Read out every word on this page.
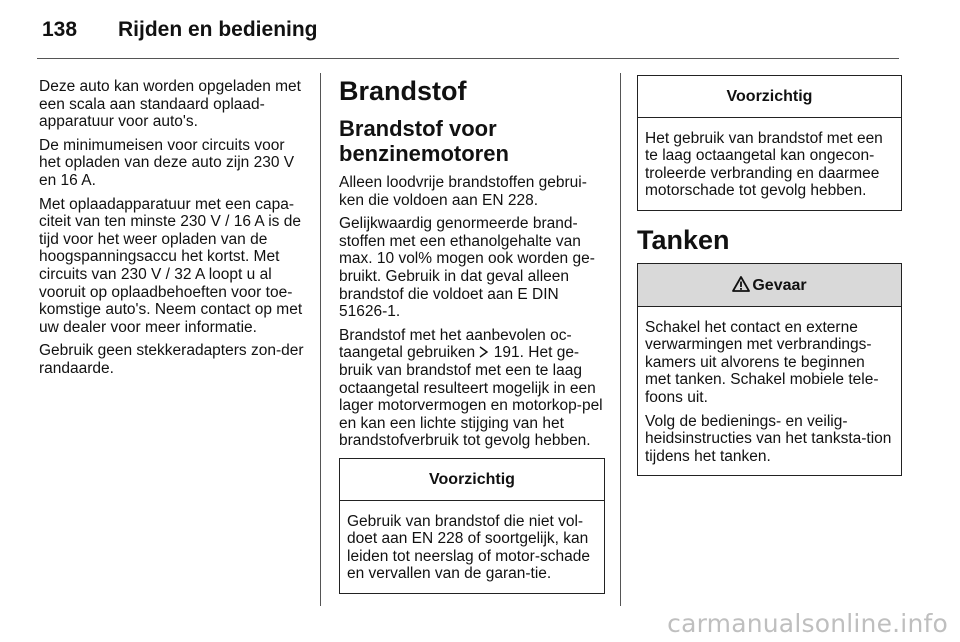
138 Rijden en bediening

Deze auto kan worden opgeladen met een scala aan standaard oplaad-apparatuur voor auto's.

De minimumeisen voor circuits voor het opladen van deze auto zijn 230 V en 16 A.

Met oplaadapparatuur met een capa-citeit van ten minste 230 V / 16 A is de tijd voor het weer opladen van de hoogspanningsaccu het kortst. Met circuits van 230 V / 32 A loopt u al vooruit op oplaadbehoeften voor toe-komstige auto's. Neem contact op met uw dealer voor meer informatie.

Gebruik geen stekkeradapters zon-der randaarde.

Brandstof
Brandstof voor benzinemotoren

Alleen loodvrije brandstoffen gebrui-ken die voldoen aan EN 228.

Gelijkwaardig genormeerde brand-stoffen met een ethanolgehalte van max. 10 vol% mogen ook worden ge-bruikt. Gebruik in dat geval alleen brandstof die voldoet aan E DIN 51626-1.

Brandstof met het aanbevolen oc-taangetal gebruiken  191. Het ge-bruik van brandstof met een te laag octaangetal resulteert mogelijk in een lager motorvermogen en motorkop-pel en kan een lichte stijging van het brandstofverbruik tot gevolg hebben.

Voorzichtig

Gebruik van brandstof die niet vol-doet aan EN 228 of soortgelijk, kan leiden tot neerslag of motor-schade en vervallen van de garan-tie.

Voorzichtig

Het gebruik van brandstof met een te laag octaangetal kan ongecon-troleerde verbranding en daarmee motorschade tot gevolg hebben.

Tanken
Gevaar

Schakel het contact en externe verwarmingen met verbrandings-kamers uit alvorens te beginnen met tanken. Schakel mobiele tele-foons uit.

Volg de bedienings- en veilig-heidsinstructies van het tanksta-tion tijdens het tanken.

carmanualsonline.info
